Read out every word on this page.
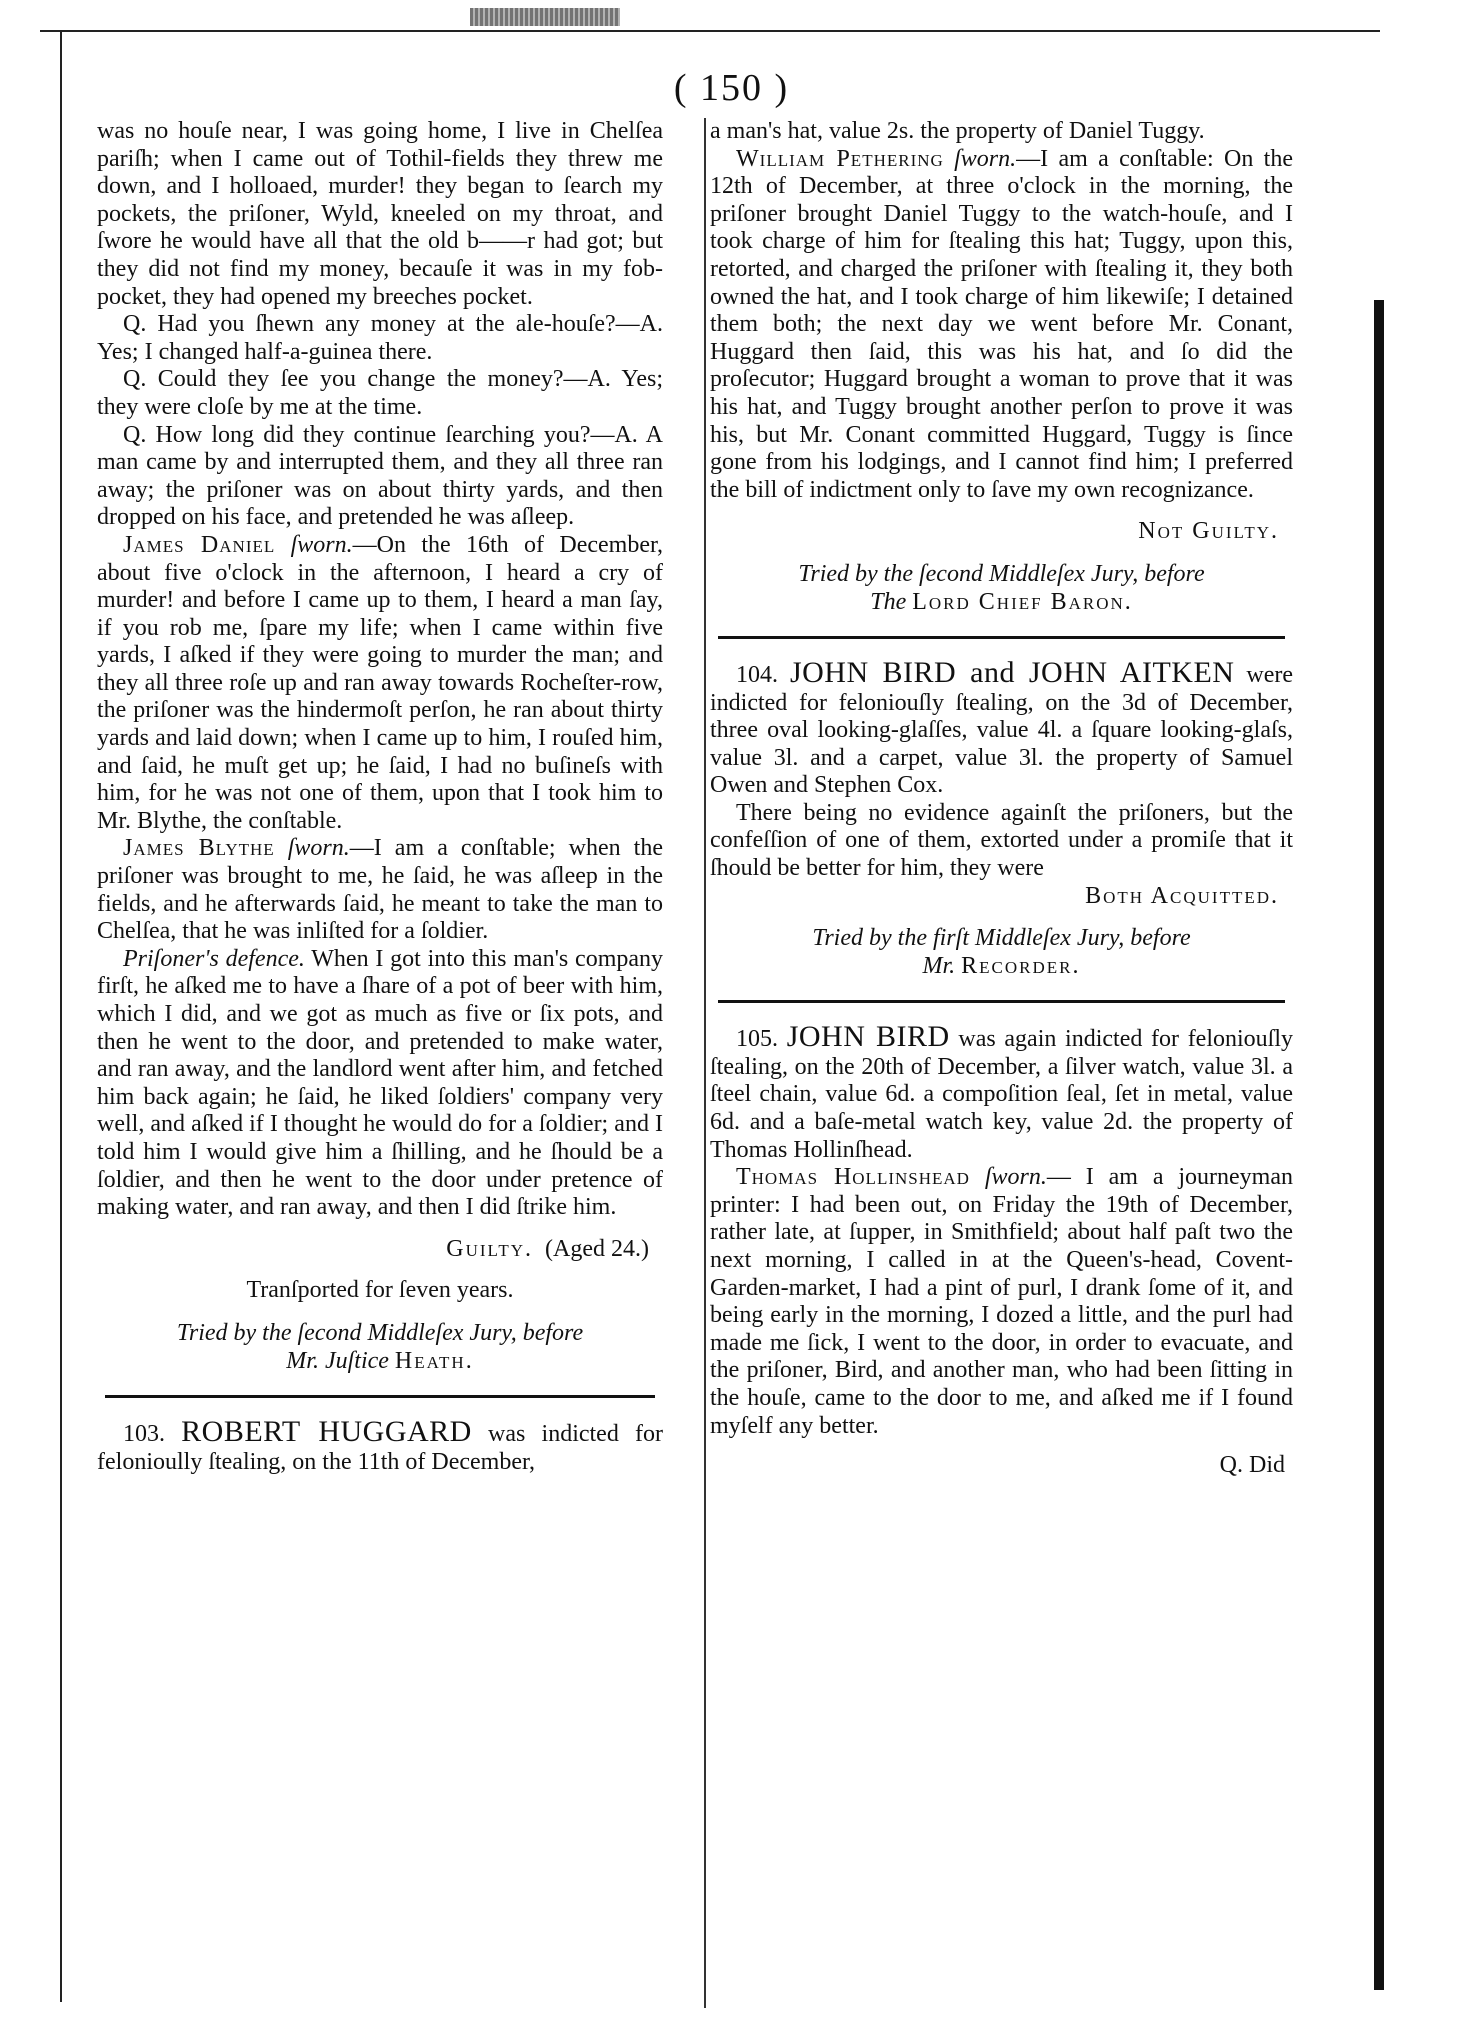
( 150 )

was no houſe near, I was going home, I live in Chelſea pariſh; when I came out of Tothil-fields they threw me down, and I holloaed, murder! they began to ſearch my pockets, the priſoner, Wyld, kneeled on my throat, and ſwore he would have all that the old b——r had got; but they did not find my money, becauſe it was in my fob-pocket, they had opened my breeches pocket.

Q. Had you ſhewn any money at the ale-houſe?—A. Yes; I changed half-a-guinea there.

Q. Could they ſee you change the money?—A. Yes; they were cloſe by me at the time.

Q. How long did they continue ſearching you?—A. A man came by and interrupted them, and they all three ran away; the priſoner was on about thirty yards, and then dropped on his face, and pretended he was aſleep.

James Daniel ſworn.—On the 16th of December, about five o'clock in the afternoon, I heard a cry of murder! and before I came up to them, I heard a man ſay, if you rob me, ſpare my life; when I came within five yards, I aſked if they were going to murder the man; and they all three roſe up and ran away towards Rocheſter-row, the priſoner was the hindermoſt perſon, he ran about thirty yards and laid down; when I came up to him, I rouſed him, and ſaid, he muſt get up; he ſaid, I had no buſineſs with him, for he was not one of them, upon that I took him to Mr. Blythe, the conſtable.

James Blythe ſworn.—I am a conſtable; when the priſoner was brought to me, he ſaid, he was aſleep in the fields, and he afterwards ſaid, he meant to take the man to Chelſea, that he was inliſted for a ſoldier.

Priſoner's defence. When I got into this man's company firſt, he aſked me to have a ſhare of a pot of beer with him, which I did, and we got as much as five or ſix pots, and then he went to the door, and pretended to make water, and ran away, and the landlord went after him, and fetched him back again; he ſaid, he liked ſoldiers' company very well, and aſked if I thought he would do for a ſoldier; and I told him I would give him a ſhilling, and he ſhould be a ſoldier, and then he went to the door under pretence of making water, and ran away, and then I did ſtrike him.

Guilty. (Aged 24.)

Tranſported for ſeven years.

Tried by the ſecond Middleſex Jury, before
Mr. Juſtice Heath.

103. ROBERT HUGGARD was indicted for felonioully ſtealing, on the 11th of December,

a man's hat, value 2s. the property of Daniel Tuggy.

William Pethering ſworn.—I am a conſtable: On the 12th of December, at three o'clock in the morning, the priſoner brought Daniel Tuggy to the watch-houſe, and I took charge of him for ſtealing this hat; Tuggy, upon this, retorted, and charged the priſoner with ſtealing it, they both owned the hat, and I took charge of him likewiſe; I detained them both; the next day we went before Mr. Conant, Huggard then ſaid, this was his hat, and ſo did the proſecutor; Huggard brought a woman to prove that it was his hat, and Tuggy brought another perſon to prove it was his, but Mr. Conant committed Huggard, Tuggy is ſince gone from his lodgings, and I cannot find him; I preferred the bill of indictment only to ſave my own recognizance.

Not Guilty.

Tried by the ſecond Middleſex Jury, before
The Lord Chief Baron.

104. JOHN BIRD and JOHN AITKEN were indicted for feloniouſly ſtealing, on the 3d of December, three oval looking-glaſſes, value 4l. a ſquare looking-glaſs, value 3l. and a carpet, value 3l. the property of Samuel Owen and Stephen Cox.

There being no evidence againſt the priſoners, but the confeſſion of one of them, extorted under a promiſe that it ſhould be better for him, they were

Both Acquitted.

Tried by the firſt Middleſex Jury, before
Mr. Recorder.

105. JOHN BIRD was again indicted for feloniouſly ſtealing, on the 20th of December, a ſilver watch, value 3l. a ſteel chain, value 6d. a compoſition ſeal, ſet in metal, value 6d. and a baſe-metal watch key, value 2d. the property of Thomas Hollinſhead.

Thomas Hollinshead ſworn.— I am a journeyman printer: I had been out, on Friday the 19th of December, rather late, at ſupper, in Smithfield; about half paſt two the next morning, I called in at the Queen's-head, Covent-Garden-market, I had a pint of purl, I drank ſome of it, and being early in the morning, I dozed a little, and the purl had made me ſick, I went to the door, in order to evacuate, and the priſoner, Bird, and another man, who had been ſitting in the houſe, came to the door to me, and aſked me if I found myſelf any better.

Q. Did
